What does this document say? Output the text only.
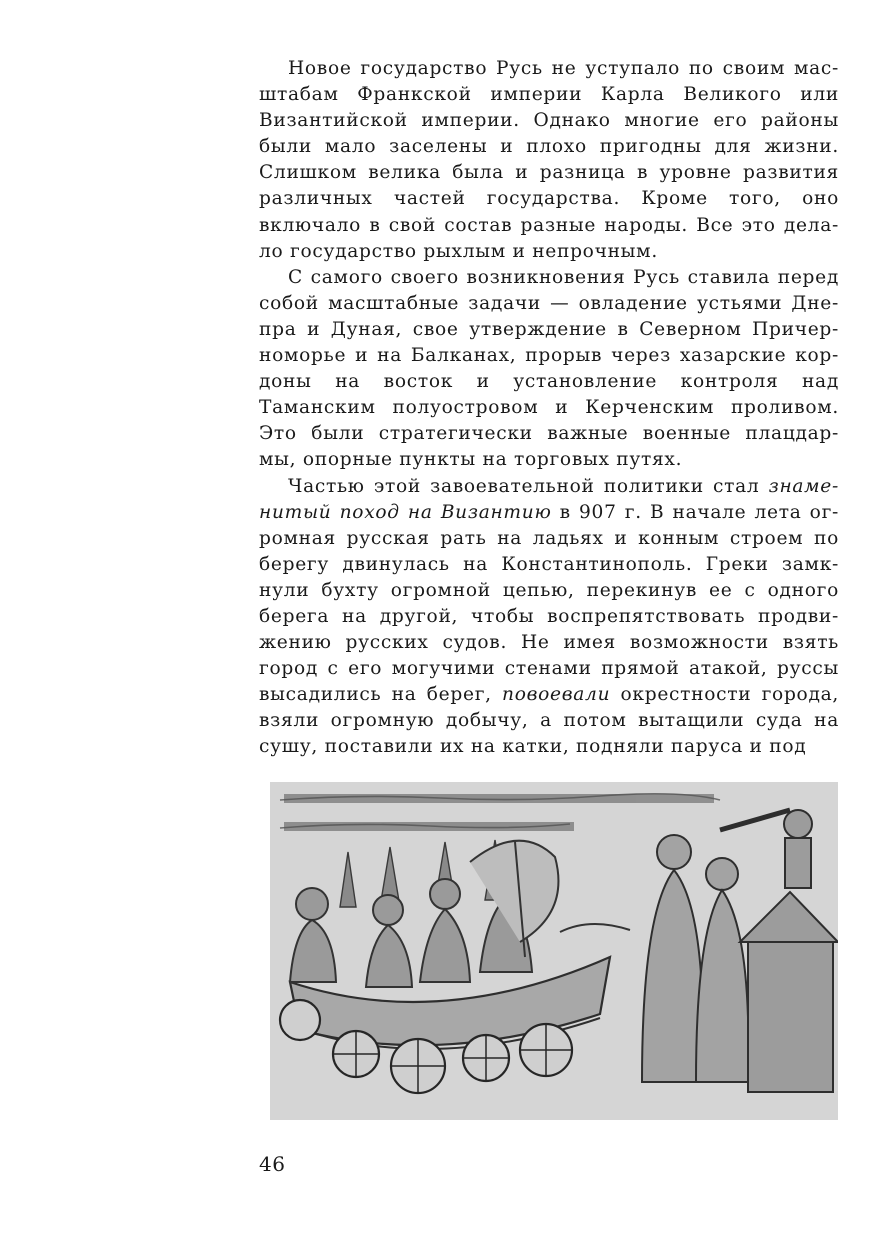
Новое государство Русь не уступало по своим мас-
штабам Франкской империи Карла Великого или
Византийской империи. Однако многие его районы
были мало заселены и плохо пригодны для жизни.
Слишком велика была и разница в уровне развития
различных частей государства. Кроме того, оно
включало в свой состав разные народы. Все это дела-
ло государство рыхлым и непрочным.
С самого своего возникновения Русь ставила перед
собой масштабные задачи — овладение устьями Дне-
пра и Дуная, свое утверждение в Северном Причер-
номорье и на Балканах, прорыв через хазарские кор-
доны на восток и установление контроля над
Таманским полуостровом и Керченским проливом.
Это были стратегически важные военные плацдар-
мы, опорные пункты на торговых путях.
Частью этой завоевательной политики стал знаме-
нитый поход на Византию в 907 г. В начале лета ог-
ромная русская рать на ладьях и конным строем по
берегу двинулась на Константинополь. Греки замк-
нули бухту огромной цепью, перекинув ее с одного
берега на другой, чтобы воспрепятствовать продви-
жению русских судов. Не имея возможности взять
город с его могучими стенами прямой атакой, руссы
высадились на берег, повоевали окрестности города,
взяли огромную добычу, а потом вытащили суда на
сушу, поставили их на катки, подняли паруса и под
46
